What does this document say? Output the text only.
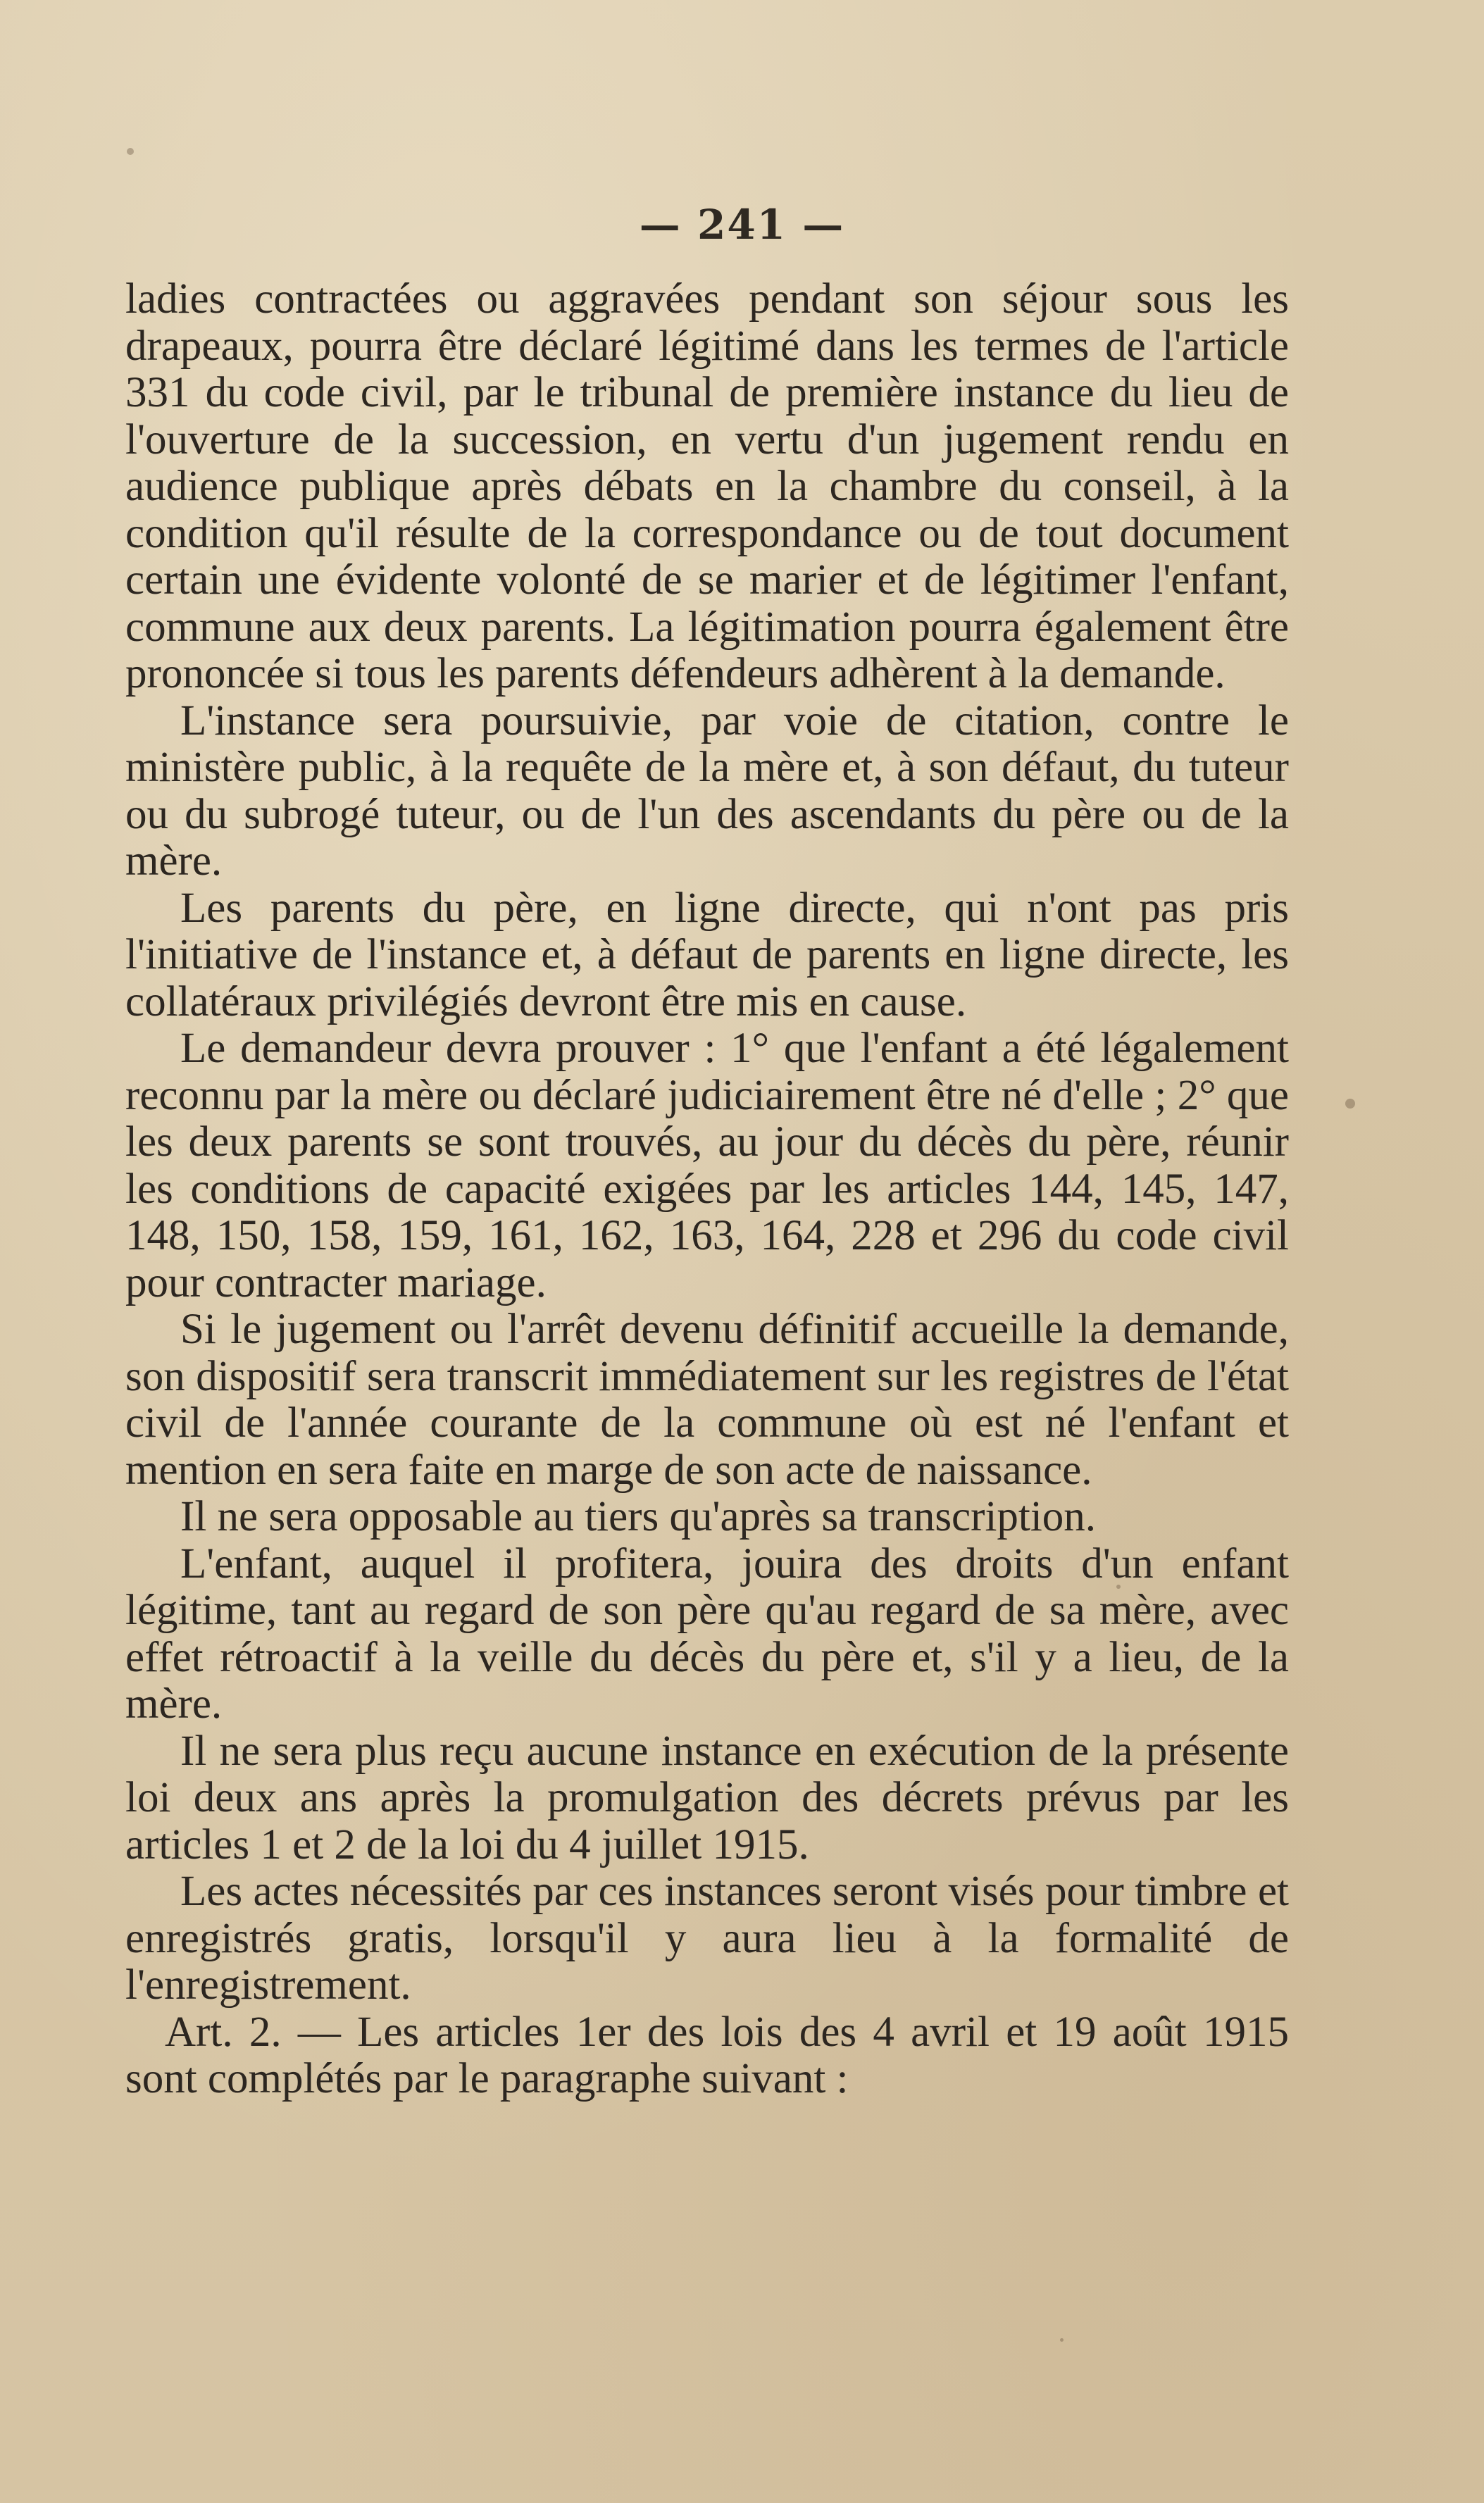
— 241 —

ladies contractées ou aggravées pendant son séjour sous les drapeaux, pourra être déclaré légitimé dans les termes de l'article 331 du code civil, par le tribunal de première instance du lieu de l'ouverture de la succession, en vertu d'un jugement rendu en audience publique après débats en la chambre du conseil, à la condition qu'il résulte de la correspondance ou de tout document certain une évidente volonté de se marier et de légitimer l'enfant, commune aux deux parents. La légitimation pourra également être prononcée si tous les parents défendeurs adhèrent à la demande.

L'instance sera poursuivie, par voie de citation, contre le ministère public, à la requête de la mère et, à son défaut, du tuteur ou du subrogé tuteur, ou de l'un des ascendants du père ou de la mère.

Les parents du père, en ligne directe, qui n'ont pas pris l'initiative de l'instance et, à défaut de parents en ligne directe, les collatéraux privilégiés devront être mis en cause.

Le demandeur devra prouver : 1° que l'enfant a été légalement reconnu par la mère ou déclaré judiciairement être né d'elle ; 2° que les deux parents se sont trouvés, au jour du décès du père, réunir les conditions de capacité exigées par les articles 144, 145, 147, 148, 150, 158, 159, 161, 162, 163, 164, 228 et 296 du code civil pour contracter mariage.

Si le jugement ou l'arrêt devenu définitif accueille la demande, son dispositif sera transcrit immédiatement sur les registres de l'état civil de l'année courante de la commune où est né l'enfant et mention en sera faite en marge de son acte de naissance.

Il ne sera opposable au tiers qu'après sa transcription.

L'enfant, auquel il profitera, jouira des droits d'un enfant légitime, tant au regard de son père qu'au regard de sa mère, avec effet rétroactif à la veille du décès du père et, s'il y a lieu, de la mère.

Il ne sera plus reçu aucune instance en exécution de la présente loi deux ans après la promulgation des décrets prévus par les articles 1 et 2 de la loi du 4 juillet 1915.

Les actes nécessités par ces instances seront visés pour timbre et enregistrés gratis, lorsqu'il y aura lieu à la formalité de l'enregistrement.

Art. 2. — Les articles 1er des lois des 4 avril et 19 août 1915 sont complétés par le paragraphe suivant :
